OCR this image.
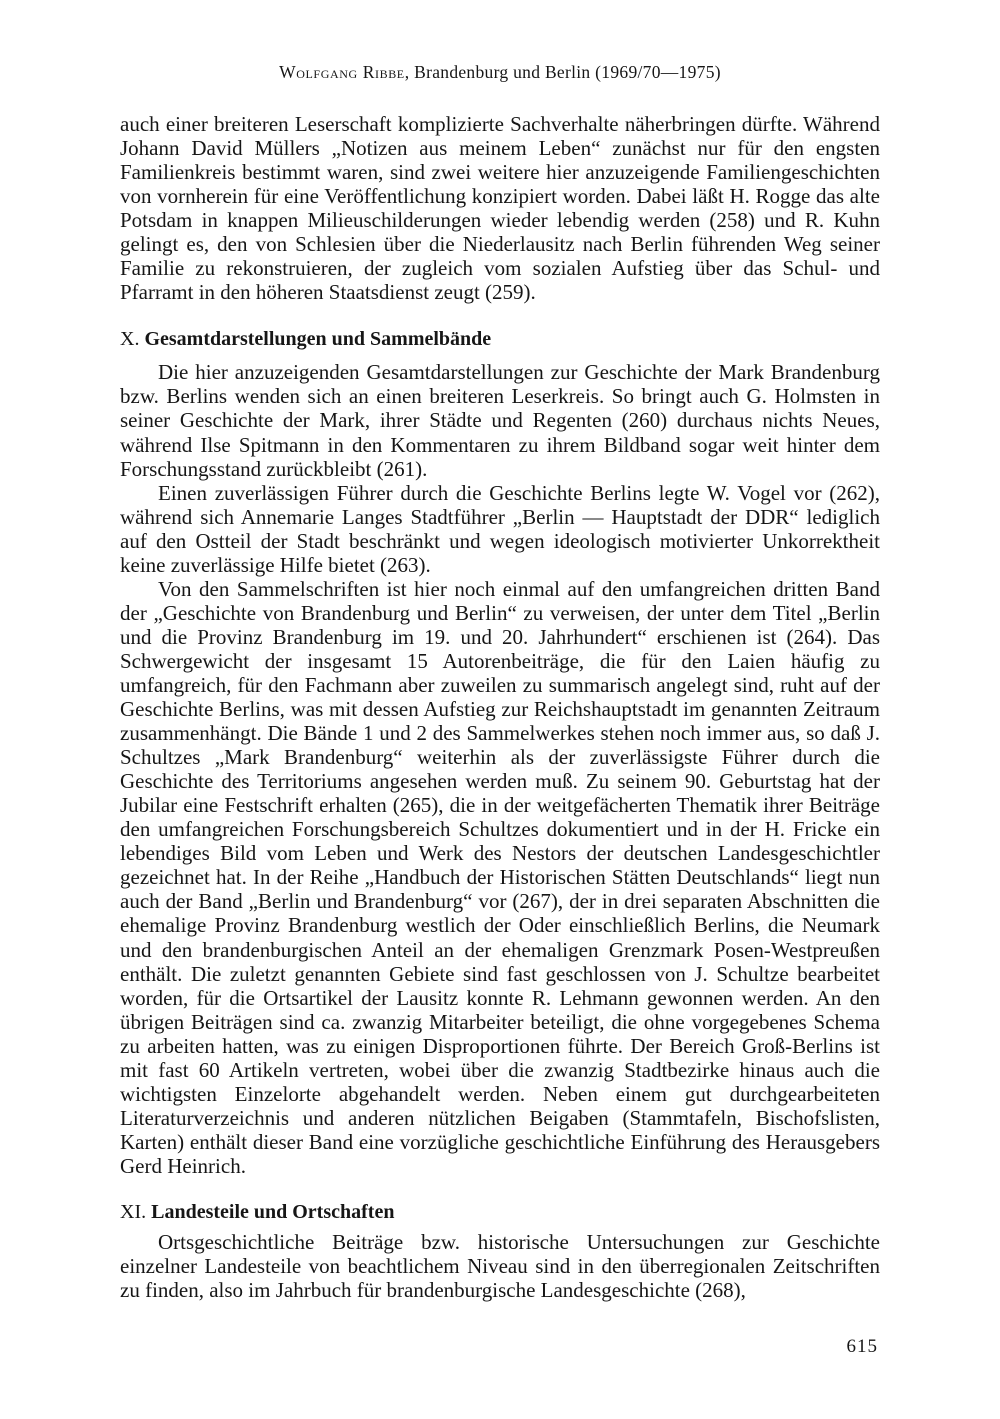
Wolfgang Ribbe, Brandenburg und Berlin (1969/70—1975)

auch einer breiteren Leserschaft komplizierte Sachverhalte näherbringen dürfte. Während Johann David Müllers „Notizen aus meinem Leben“ zunächst nur für den engsten Familienkreis bestimmt waren, sind zwei weitere hier anzuzeigende Familiengeschichten von vornherein für eine Veröffentlichung konzipiert worden. Dabei läßt H. Rogge das alte Potsdam in knappen Milieuschilderungen wieder lebendig werden (258) und R. Kuhn gelingt es, den von Schlesien über die Niederlausitz nach Berlin führenden Weg seiner Familie zu rekonstruieren, der zugleich vom sozialen Aufstieg über das Schul- und Pfarramt in den höheren Staatsdienst zeugt (259).

X. Gesamtdarstellungen und Sammelbände

Die hier anzuzeigenden Gesamtdarstellungen zur Geschichte der Mark Brandenburg bzw. Berlins wenden sich an einen breiteren Leserkreis. So bringt auch G. Holmsten in seiner Geschichte der Mark, ihrer Städte und Regenten (260) durchaus nichts Neues, während Ilse Spitmann in den Kommentaren zu ihrem Bildband sogar weit hinter dem Forschungsstand zurückbleibt (261).

Einen zuverlässigen Führer durch die Geschichte Berlins legte W. Vogel vor (262), während sich Annemarie Langes Stadtführer „Berlin — Hauptstadt der DDR“ lediglich auf den Ostteil der Stadt beschränkt und wegen ideologisch motivierter Unkorrektheit keine zuverlässige Hilfe bietet (263).

Von den Sammelschriften ist hier noch einmal auf den umfangreichen dritten Band der „Geschichte von Brandenburg und Berlin“ zu verweisen, der unter dem Titel „Berlin und die Provinz Brandenburg im 19. und 20. Jahrhundert“ erschienen ist (264). Das Schwergewicht der insgesamt 15 Autorenbeiträge, die für den Laien häufig zu umfangreich, für den Fachmann aber zuweilen zu summarisch angelegt sind, ruht auf der Geschichte Berlins, was mit dessen Aufstieg zur Reichshauptstadt im genannten Zeitraum zusammenhängt. Die Bände 1 und 2 des Sammelwerkes stehen noch immer aus, so daß J. Schultzes „Mark Brandenburg“ weiterhin als der zuverlässigste Führer durch die Geschichte des Territoriums angesehen werden muß. Zu seinem 90. Geburtstag hat der Jubilar eine Festschrift erhalten (265), die in der weitgefächerten Thematik ihrer Beiträge den umfangreichen Forschungsbereich Schultzes dokumentiert und in der H. Fricke ein lebendiges Bild vom Leben und Werk des Nestors der deutschen Landesgeschichtler gezeichnet hat. In der Reihe „Handbuch der Historischen Stätten Deutschlands“ liegt nun auch der Band „Berlin und Brandenburg“ vor (267), der in drei separaten Abschnitten die ehemalige Provinz Brandenburg westlich der Oder einschließlich Berlins, die Neumark und den brandenburgischen Anteil an der ehemaligen Grenzmark Posen-Westpreußen enthält. Die zuletzt genannten Gebiete sind fast geschlossen von J. Schultze bearbeitet worden, für die Ortsartikel der Lausitz konnte R. Lehmann gewonnen werden. An den übrigen Beiträgen sind ca. zwanzig Mitarbeiter beteiligt, die ohne vorgegebenes Schema zu arbeiten hatten, was zu einigen Disproportionen führte. Der Bereich Groß-Berlins ist mit fast 60 Artikeln vertreten, wobei über die zwanzig Stadtbezirke hinaus auch die wichtigsten Einzelorte abgehandelt werden. Neben einem gut durchgearbeiteten Literaturverzeichnis und anderen nützlichen Beigaben (Stammtafeln, Bischofslisten, Karten) enthält dieser Band eine vorzügliche geschichtliche Einführung des Herausgebers Gerd Heinrich.

XI. Landesteile und Ortschaften

Ortsgeschichtliche Beiträge bzw. historische Untersuchungen zur Geschichte einzelner Landesteile von beachtlichem Niveau sind in den überregionalen Zeitschriften zu finden, also im Jahrbuch für brandenburgische Landesgeschichte (268),

615
